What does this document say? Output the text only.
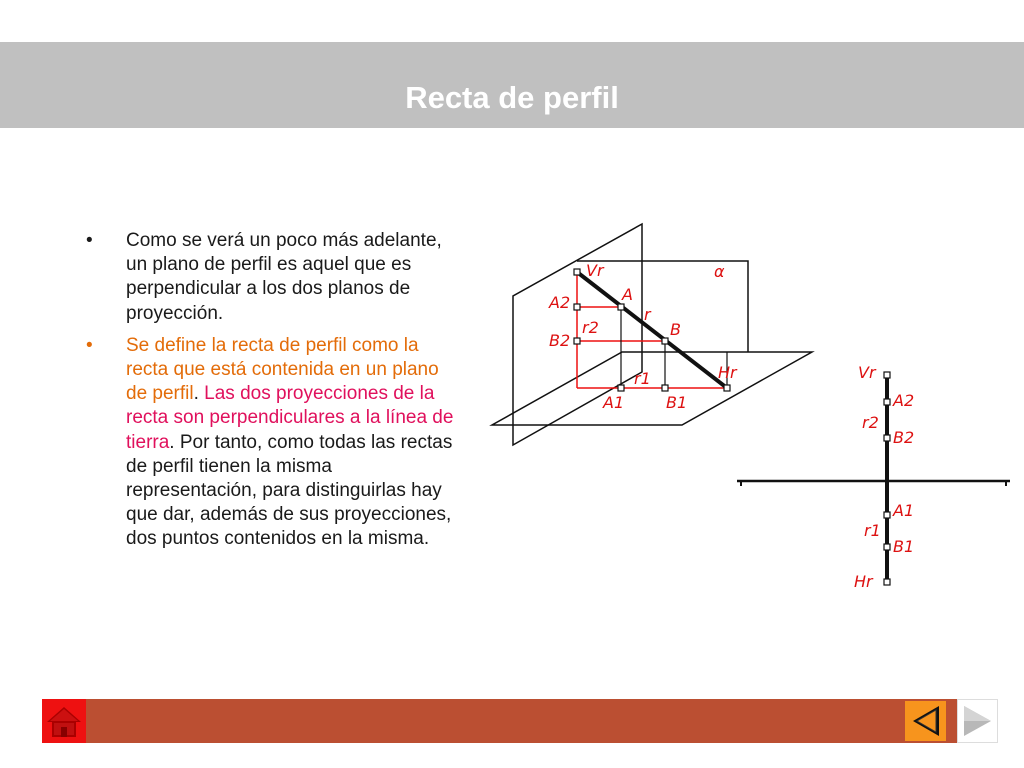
Recta de perfil
• Como se verá un poco más adelante, un plano de perfil es aquel que es perpendicular a los dos planos de proyección.
• Se define la recta de perfil como la recta que está contenida en un plano de perfil. Las dos proyecciones de la recta son perpendiculares a la línea de tierra. Por tanto, como todas las rectas de perfil tienen la misma representación, para distinguirlas hay que dar, además de sus proyecciones, dos puntos contenidos en la misma.
Vr	α
A2	A
r
r2	B
B2
Hr
r1
A1	B1
Vr
A2
r2
B2
A1
r1
B1
Hr
